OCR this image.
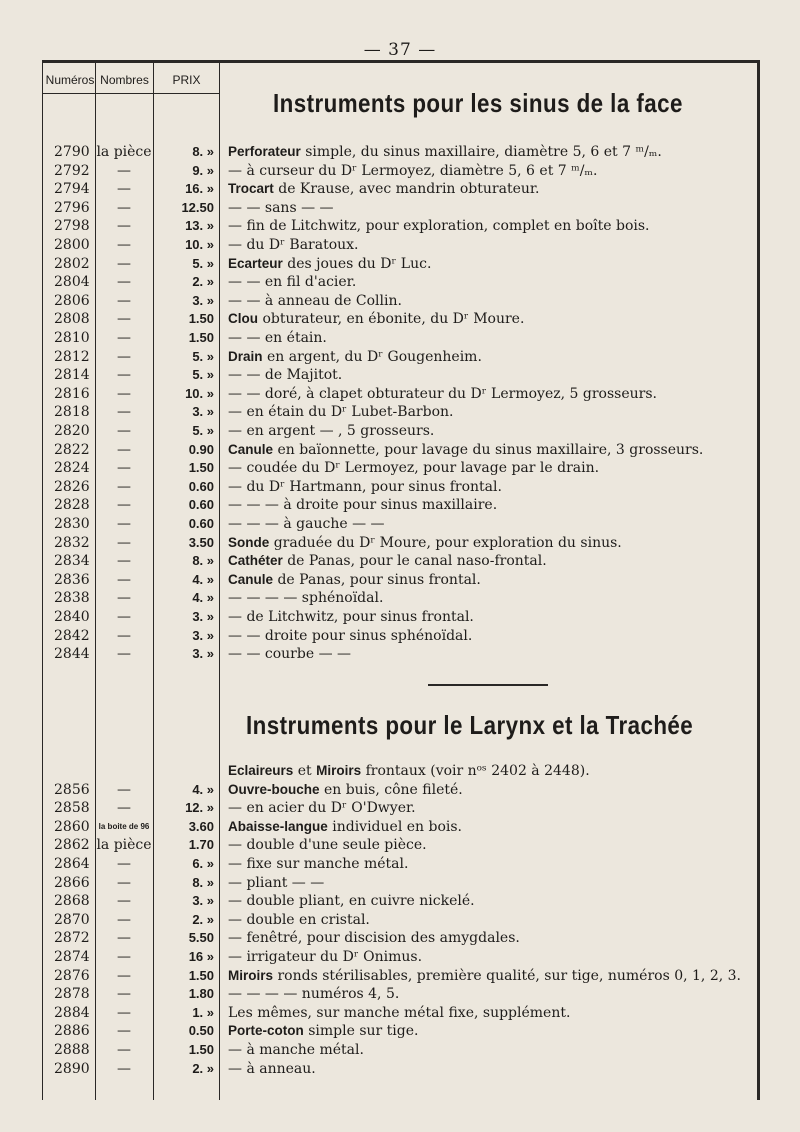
— 37 —
Numéros Nombres	PRIX
Instruments pour les sinus de la face
2790 la pièce	8. » Perforateur simple, du sinus maxillaire, diamètre 5, 6 et 7 ᵐ/ₘ.
2792	—	9. » — à curseur du Dʳ Lermoyez, diamètre 5, 6 et 7 ᵐ/ₘ.
2794	—	16. » Trocart de Krause, avec mandrin obturateur.
2796	—	12.50 — — sans — —
2798	—	13. » — fin de Litchwitz, pour exploration, complet en boîte bois.
2800	—	10. » — du Dʳ Baratoux.
2802	—	5. » Ecarteur des joues du Dʳ Luc.
2804	—	2. » — — en fil d'acier.
2806	—	3. » — — à anneau de Collin.
2808	—	1.50 Clou obturateur, en ébonite, du Dʳ Moure.
2810	—	1.50 — — en étain.
2812	—	5. » Drain en argent, du Dʳ Gougenheim.
2814	—	5. » — — de Majitot.
2816	—	10. » — — doré, à clapet obturateur du Dʳ Lermoyez, 5 grosseurs.
2818	—	3. » — en étain du Dʳ Lubet-Barbon.
2820	—	5. » — en argent — , 5 grosseurs.
2822	—	0.90 Canule en baïonnette, pour lavage du sinus maxillaire, 3 grosseurs.
2824	—	1.50 — coudée du Dʳ Lermoyez, pour lavage par le drain.
2826	—	0.60 — du Dʳ Hartmann, pour sinus frontal.
2828	—	0.60 — — — à droite pour sinus maxillaire.
2830	—	0.60 — — — à gauche — —
2832	—	3.50 Sonde graduée du Dʳ Moure, pour exploration du sinus.
2834	—	8. » Cathéter de Panas, pour le canal naso-frontal.
2836	—	4. » Canule de Panas, pour sinus frontal.
2838	—	4. » — — — — sphénoïdal.
2840	—	3. » — de Litchwitz, pour sinus frontal.
2842	—	3. » — — droite pour sinus sphénoïdal.
2844	—	3. » — — courbe — —
Instruments pour le Larynx et la Trachée
Eclaireurs et Miroirs frontaux (voir nᵒˢ 2402 à 2448).
2856	—	4. » Ouvre-bouche en buis, cône fileté.
2858	—	12. » — en acier du Dʳ O'Dwyer.
2860	la boite de 96	3.60 Abaisse-langue individuel en bois.
2862 la pièce	1.70 — double d'une seule pièce.
2864	—	6. » — fixe sur manche métal.
2866	—	8. » — pliant — —
2868	—	3. » — double pliant, en cuivre nickelé.
2870	—	2. » — double en cristal.
2872	—	5.50 — fenêtré, pour discision des amygdales.
2874	—	16 » — irrigateur du Dʳ Onimus.
2876	—	1.50 Miroirs ronds stérilisables, première qualité, sur tige, numéros 0, 1, 2, 3.
2878	—	1.80 — — — — numéros 4, 5.
2884	—	1. » Les mêmes, sur manche métal fixe, supplément.
2886	—	0.50 Porte-coton simple sur tige.
2888	—	1.50 — à manche métal.
2890	—	2. » — à anneau.
